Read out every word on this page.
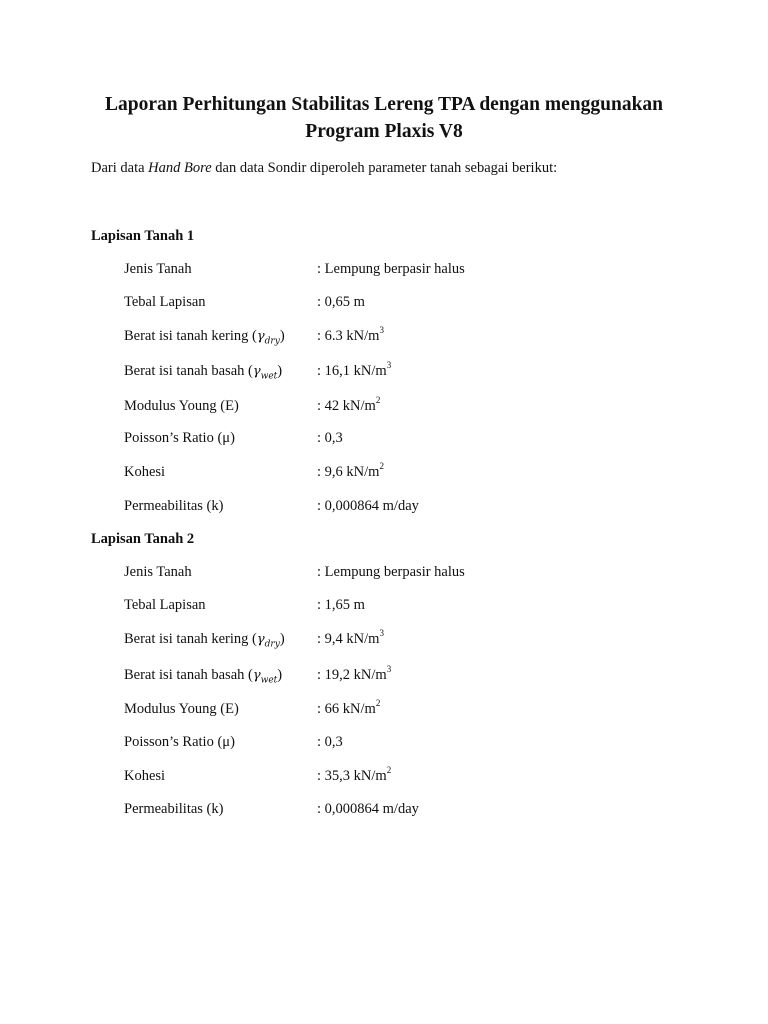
Laporan Perhitungan Stabilitas Lereng TPA dengan menggunakan
Program Plaxis V8

Dari data Hand Bore dan data Sondir diperoleh parameter tanah sebagai berikut:

Lapisan Tanah 1

Jenis Tanah	: Lempung berpasir halus
Tebal Lapisan	: 0,65 m
Berat isi tanah kering $(\gamma_{dry})$ : 6.3 $kN/m^3$
Berat isi tanah basah $(\gamma_{wet})$ : 16,1 $kN/m^3$
Modulus Young (E)	: 42 $kN/m^2$
Poisson’s Ratio (μ)	: 0,3
Kohesi	: 9,6 $kN/m^2$
Permeabilitas (k)	: 0,000864 m/day

Lapisan Tanah 2

Jenis Tanah	: Lempung berpasir halus
Tebal Lapisan	: 1,65 m
Berat isi tanah kering $(\gamma_{dry})$ : 9,4 $kN/m^3$
Berat isi tanah basah $(\gamma_{wet})$ : 19,2 $kN/m^3$
Modulus Young (E)	: 66 $kN/m^2$
Poisson’s Ratio (μ)	: 0,3
Kohesi	: 35,3 $kN/m^2$
Permeabilitas (k)	: 0,000864 m/day
